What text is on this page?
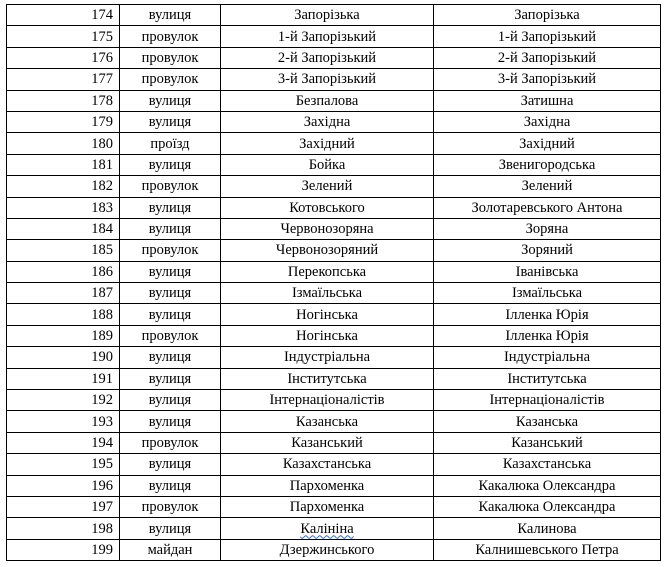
174	вулиця	Запорізька	Запорізька
175	провулок	1-й Запорізький	1-й Запорізький
176	провулок	2-й Запорізький	2-й Запорізький
177	провулок	3-й Запорізький	3-й Запорізький
178	вулиця	Безпалова	Затишна
179	вулиця	Західна	Західна
180	проїзд	Західний	Західний
181	вулиця	Бойка	Звенигородська
182	провулок	Зелений	Зелений
183	вулиця	Котовського	Золотаревського Антона
184	вулиця	Червонозоряна	Зоряна
185	провулок	Червонозоряний	Зоряний
186	вулиця	Перекопська	Іванівська
187	вулиця	Ізмаїльська	Ізмаїльська
188	вулиця	Ногінська	Ілленка Юрія
189	провулок	Ногінська	Ілленка Юрія
190	вулиця	Індустріальна	Індустріальна
191	вулиця	Інститутська	Інститутська
192	вулиця	Інтернаціоналістів	Інтернаціоналістів
193	вулиця	Казанська	Казанська
194	провулок	Казанський	Казанський
195	вулиця	Казахстанська	Казахстанська
196	вулиця	Пархоменка	Какалюка Олександра
197	провулок	Пархоменка	Какалюка Олександра
198	вулиця	Калініна	Калинова
199	майдан	Дзержинського	Калнишевського Петра
